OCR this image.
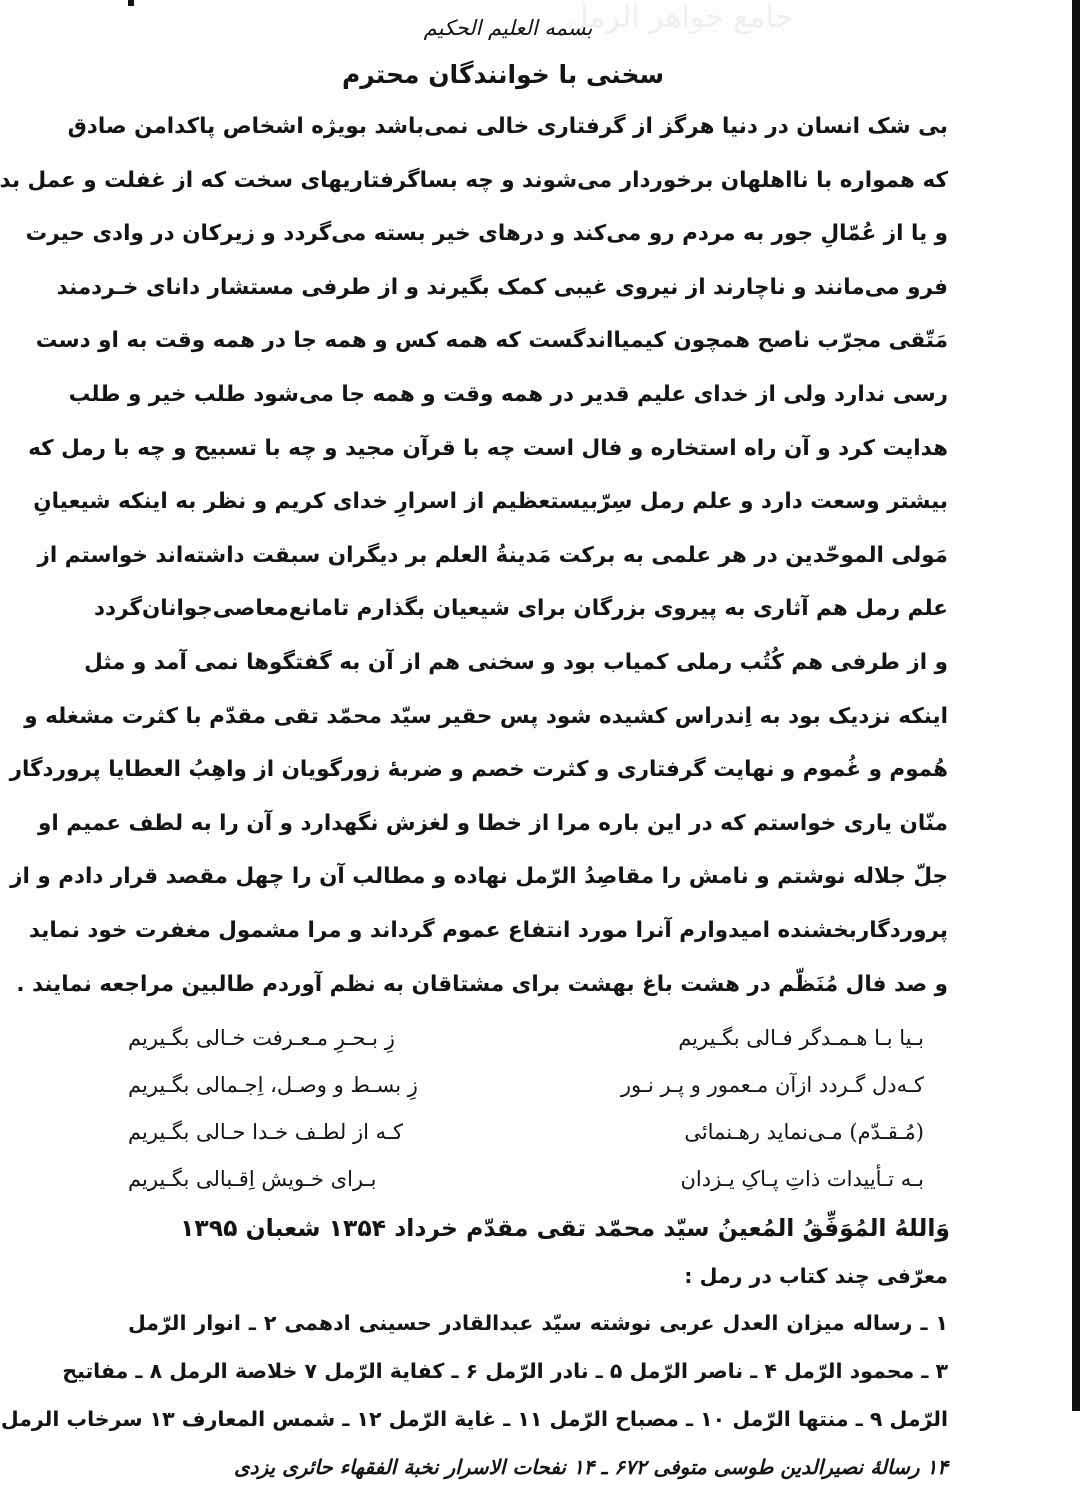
جامع جواهر الرمل
بسمه العلیم الحکیم
سخنی با خوانندگان محترم
بی شک انسان در دنیا هرگز از گرفتاری خالی نمی‌باشد بویژه اشخاص پاکدامن صادق
که همواره با نااهلهان برخوردار می‌شوند و چه بساگرفتاریهای سخت که از غفلت و عمل بد
و یا از عُمّالِ جور به مردم رو می‌کند و درهای خیر بسته می‌گردد و زیرکان در وادی حیرت
فرو می‌مانند و ناچارند از نیروی غیبی کمک بگیرند و از طرفی مستشار دانای خـردمند
مَتّقی مجرّب ناصح همچون کیمیااندگست که همه کس و همه جا در همه وقت به او دست
رسی ندارد ولی از خدای علیم قدیر در همه وقت و همه جا می‌شود طلب خیر و طلب
هدایت کرد و آن راه استخاره و فال است چه با قرآن مجید و چه با تسبیح و چه با رمل که
بیشتر وسعت دارد و علم رمل سِرّبیستعظیم از اسرارِ خدای کریم و نظر به اینکه شیعیانِ
مَولی الموحّدین در هر علمی به برکت مَدینةُ العلم بر دیگران سبقت داشته‌اند خواستم از
علم رمل هم آثاری به پیروی بزرگان برای شیعیان بگذارم تامانع‌معاصی‌جوانان‌گردد
و از طرفی هم کُتُب رملی کمیاب بود و سخنی هم از آن به گفتگوها نمی آمد و مثل
اینکه نزدیک بود به اِندراس کشیده شود پس حقیر سیّد محمّد تقی مقدّم با کثرت مشغله و
هُموم و غُموم و نهایت گرفتاری و کثرت خصم و ضربۀ زورگویان از واهِبُ العطایا پروردگار
منّان یاری خواستم که در این باره مرا از خطا و لغزش نگهدارد و آن را به لطف عمیم او
جلّ جلاله نوشتم و نامش را مقاصِدُ الرّمل نهاده و مطالب آن را چهل مقصد قرار دادم و از
پروردگاربخشنده امیدوارم آنرا مورد انتفاع عموم گرداند و مرا مشمول مغفرت خود نماید
و صد فال مُنَظّم در هشت باغ بهشت برای مشتاقان به نظم آوردم طالبین مراجعه نمایند .
بـیا بـا هـمـدگر فـالی بگـیریم
زِ بـحـرِ مـعـرفت خـالی بگـیریم
کـه‌دل گـردد ازآن مـعمور و پـر نـور
زِ بسـط و وصـل، اِجـمالی بگـیریم
(مُـقـدّم) مـی‌نماید رهـنمائی
کـه از لطـف خـدا حـالی بگـیریم
بـه تـأییدات ذاتِ پـاکِ یـزدان
بـرای خـویش اِقـبالی بگـیریم
وَاللهُ المُوَفِّقُ المُعینُ سیّد محمّد تقی مقدّم خرداد ۱۳۵۴ شعبان ۱۳۹۵
معرّفی چند کتاب در رمل :
۱ ـ رساله میزان العدل عربی نوشته سیّد عبدالقادر حسینی ادهمی ۲ ـ انوار الرّمل
۳ ـ محمود الرّمل ۴ ـ ناصر الرّمل ۵ ـ نادر الرّمل ۶ ـ کفایة الرّمل ۷ خلاصة الرمل ۸ ـ مفاتیح
الرّمل ۹ ـ منتها الرّمل ۱۰ ـ مصباح الرّمل ۱۱ ـ غایة الرّمل ۱۲ ـ شمس المعارف ۱۳ سرخاب الرمل
۱۴ رسالۀ نصیرالدین طوسی متوفی ۶۷۲ ـ ۱۴ نفحات الاسرار نخبة الفقهاء حائری یزدی
